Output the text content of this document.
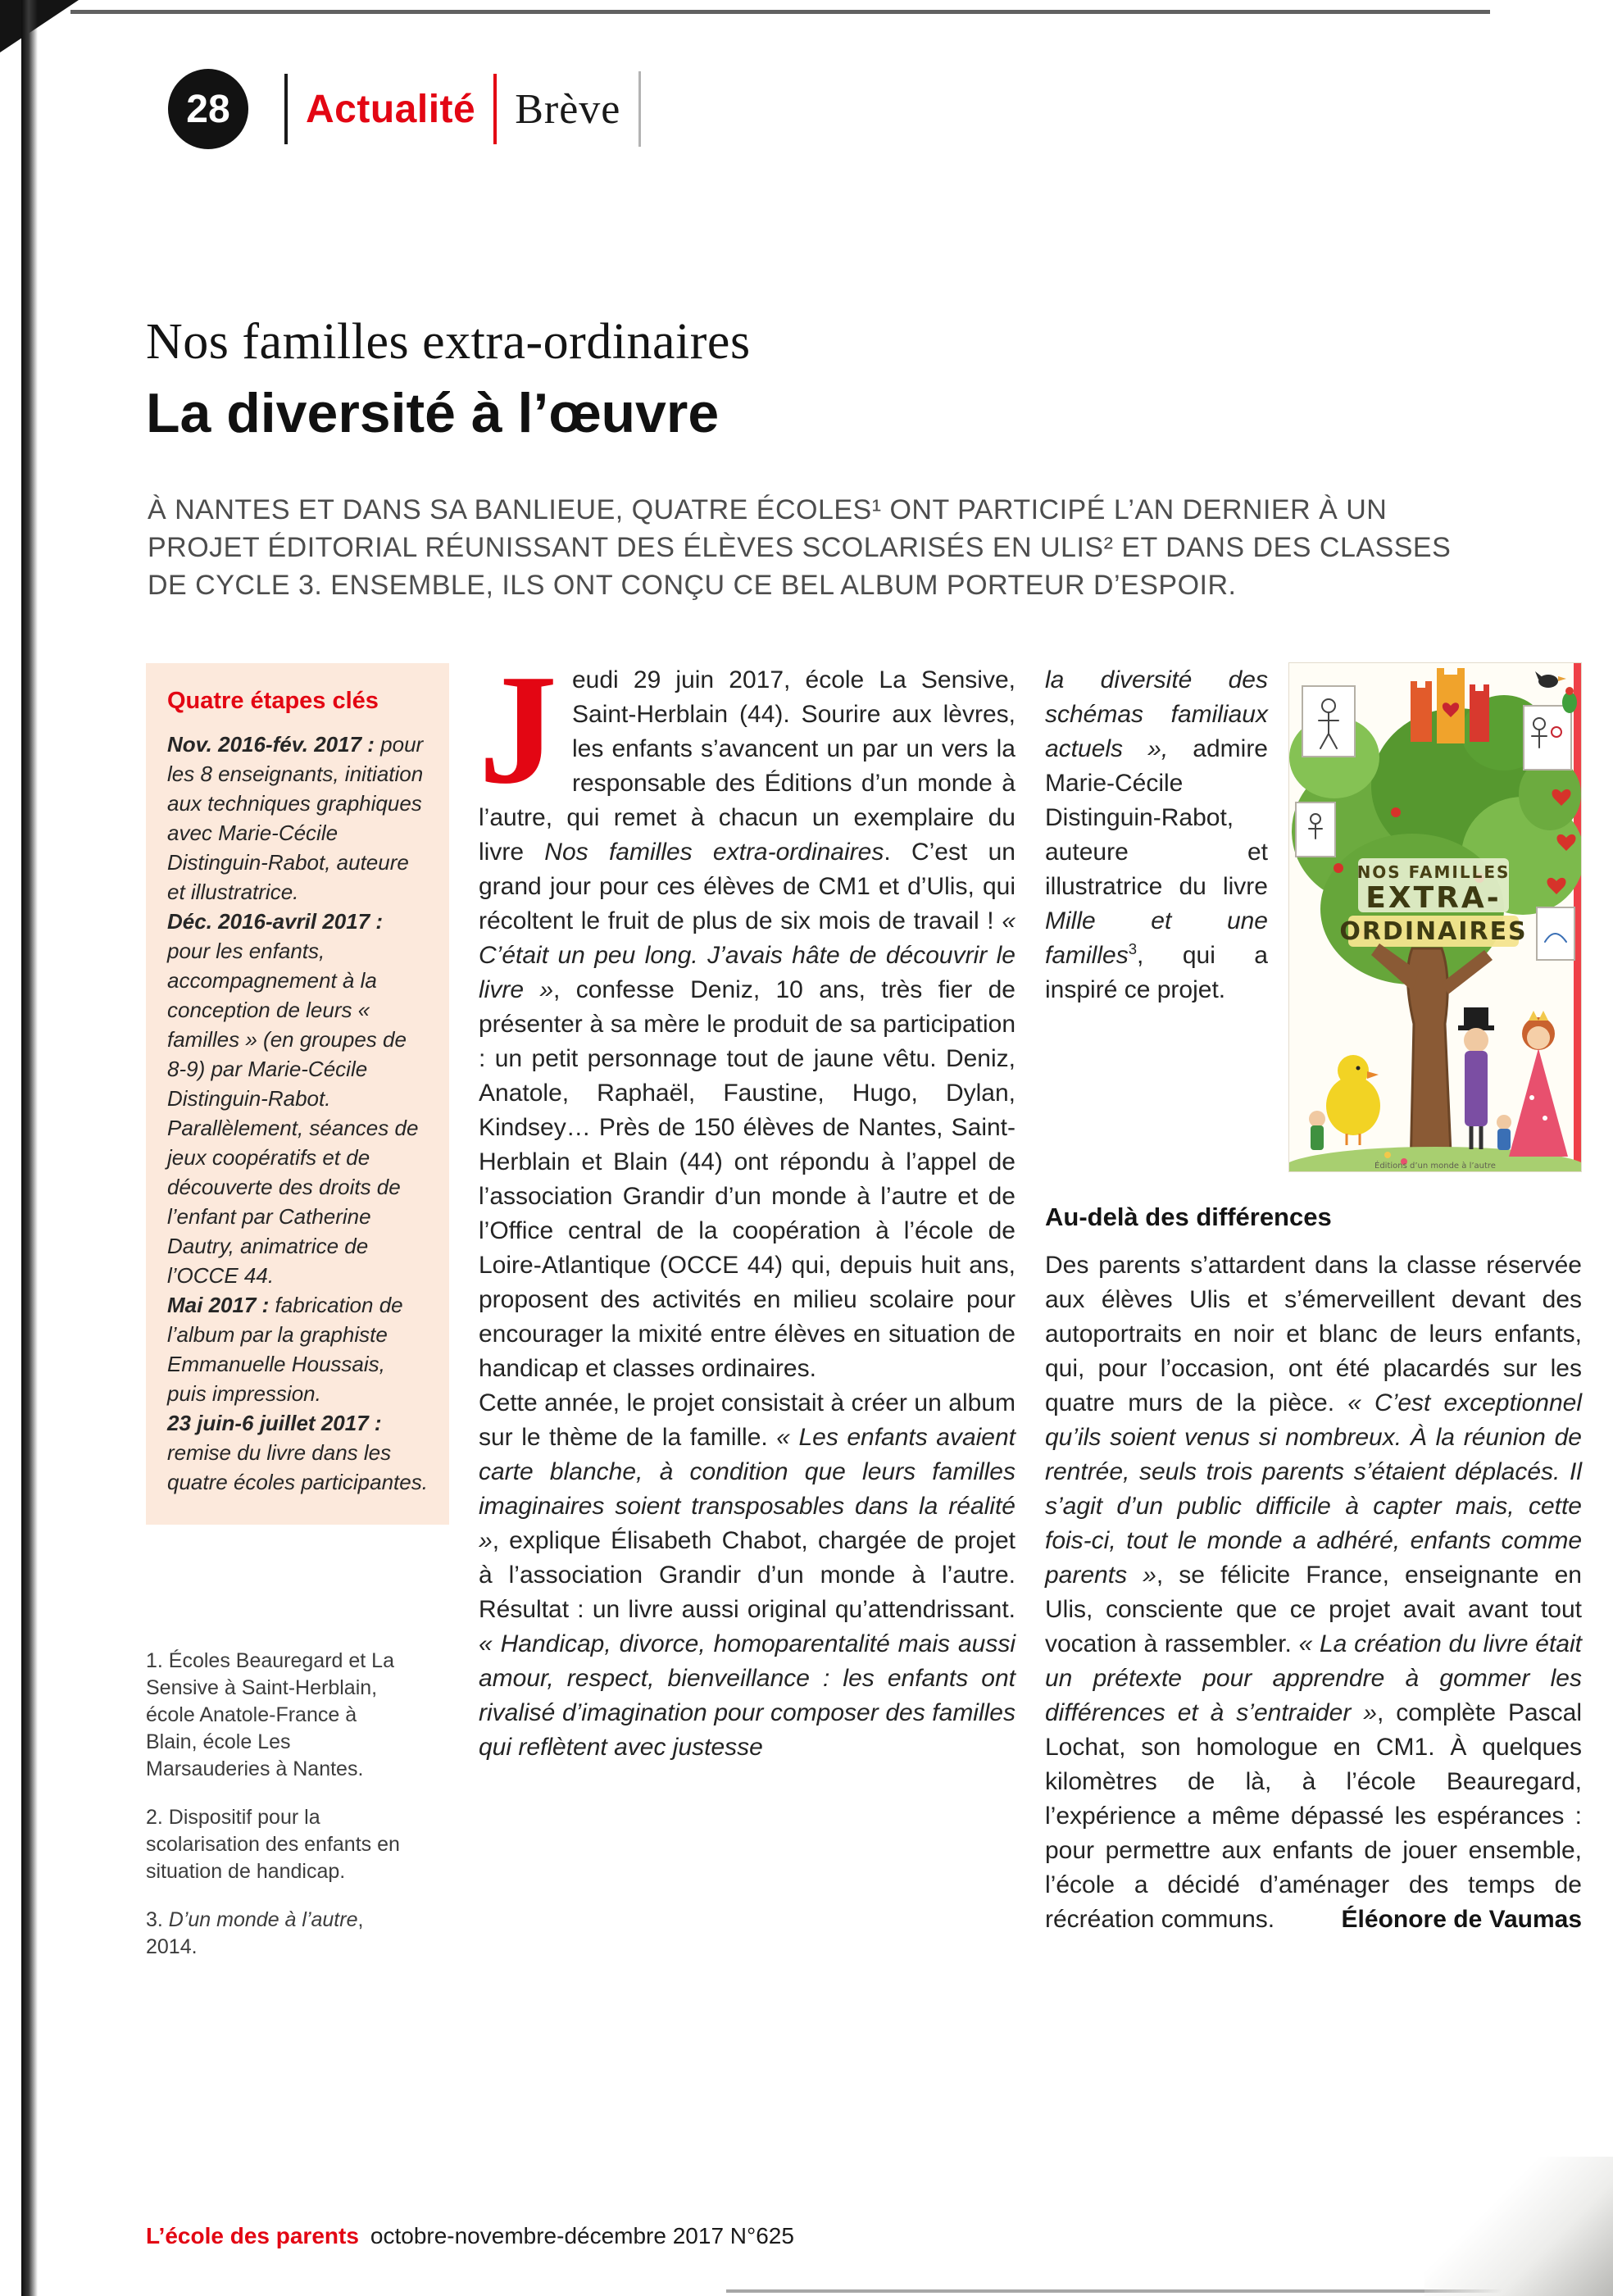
28 Actualité Brève
Nos familles extra-ordinaires
La diversité à l’œuvre

À NANTES ET DANS SA BANLIEUE, QUATRE ÉCOLES¹ ONT PARTICIPÉ L’AN DERNIER À UN PROJET ÉDITORIAL RÉUNISSANT DES ÉLÈVES SCOLARISÉS EN ULIS² ET DANS DES CLASSES DE CYCLE 3. ENSEMBLE, ILS ONT CONÇU CE BEL ALBUM PORTEUR D’ESPOIR.

Quatre étapes clés

Nov. 2016-fév. 2017 : pour les 8 enseignants, initiation aux techniques graphiques avec Marie-Cécile Distinguin-Rabot, auteure et illustratrice.

Déc. 2016-avril 2017 : pour les enfants, accompagnement à la conception de leurs « familles » (en groupes de 8-9) par Marie-Cécile Distinguin-Rabot. Parallèlement, séances de jeux coopératifs et de découverte des droits de l’enfant par Catherine Dautry, animatrice de l’OCCE 44.

Mai 2017 : fabrication de l’album par la graphiste Emmanuelle Houssais, puis impression.

23 juin-6 juillet 2017 : remise du livre dans les quatre écoles participantes.

1. Écoles Beauregard et La Sensive à Saint-Herblain, école Anatole-France à Blain, école Les Marsauderies à Nantes.

2. Dispositif pour la scolarisation des enfants en situation de handicap.

3. D’un monde à l’autre, 2014.

Jeudi 29 juin 2017, école La Sensive, Saint-Herblain (44). Sourire aux lèvres, les enfants s’avancent un par un vers la responsable des Éditions d’un monde à l’autre, qui remet à chacun un exemplaire du livre Nos familles extra-ordinaires. C’est un grand jour pour ces élèves de CM1 et d’Ulis, qui récoltent le fruit de plus de six mois de travail ! « C’était un peu long. J’avais hâte de découvrir le livre », confesse Deniz, 10 ans, très fier de présenter à sa mère le produit de sa participation : un petit personnage tout de jaune vêtu. Deniz, Anatole, Raphaël, Faustine, Hugo, Dylan, Kindsey… Près de 150 élèves de Nantes, Saint-Herblain et Blain (44) ont répondu à l’appel de l’association Grandir d’un monde à l’autre et de l’Office central de la coopération à l’école de Loire-Atlantique (OCCE 44) qui, depuis huit ans, proposent des activités en milieu scolaire pour encourager la mixité entre élèves en situation de handicap et classes ordinaires.

Cette année, le projet consistait à créer un album sur le thème de la famille. « Les enfants avaient carte blanche, à condition que leurs familles imaginaires soient transposables dans la réalité », explique Élisabeth Chabot, chargée de projet à l’association Grandir d’un monde à l’autre. Résultat : un livre aussi original qu’attendrissant. « Handicap, divorce, homoparentalité mais aussi amour, respect, bienveillance : les enfants ont rivalisé d’imagination pour composer des familles qui reflètent avec justesse

la diversité des schémas familiaux actuels », admire Marie-Cécile Distinguin-Rabot, auteure et illustratrice du livre Mille et une familles$^3$, qui a inspiré ce projet.

NOS FAMILLES
EXTRA-
ORDINAIRES
Éditions d’un monde à l’autre
Au-delà des différences

Des parents s’attardent dans la classe réservée aux élèves Ulis et s’émerveillent devant des autoportraits en noir et blanc de leurs enfants, qui, pour l’occasion, ont été placardés sur les quatre murs de la pièce. « C’est exceptionnel qu’ils soient venus si nombreux. À la réunion de rentrée, seuls trois parents s’étaient déplacés. Il s’agit d’un public difficile à capter mais, cette fois-ci, tout le monde a adhéré, enfants comme parents », se félicite France, enseignante en Ulis, consciente que ce projet avait avant tout vocation à rassembler. « La création du livre était un prétexte pour apprendre à gommer les différences et à s’entraider », complète Pascal Lochat, son homologue en CM1. À quelques kilomètres de là, à l’école Beauregard, l’expérience a même dépassé les espérances : pour permettre aux enfants de jouer ensemble, l’école a décidé d’aménager des temps de récréation communs.	Éléonore de Vaumas

L’école des parents octobre-novembre-décembre 2017 N°625
